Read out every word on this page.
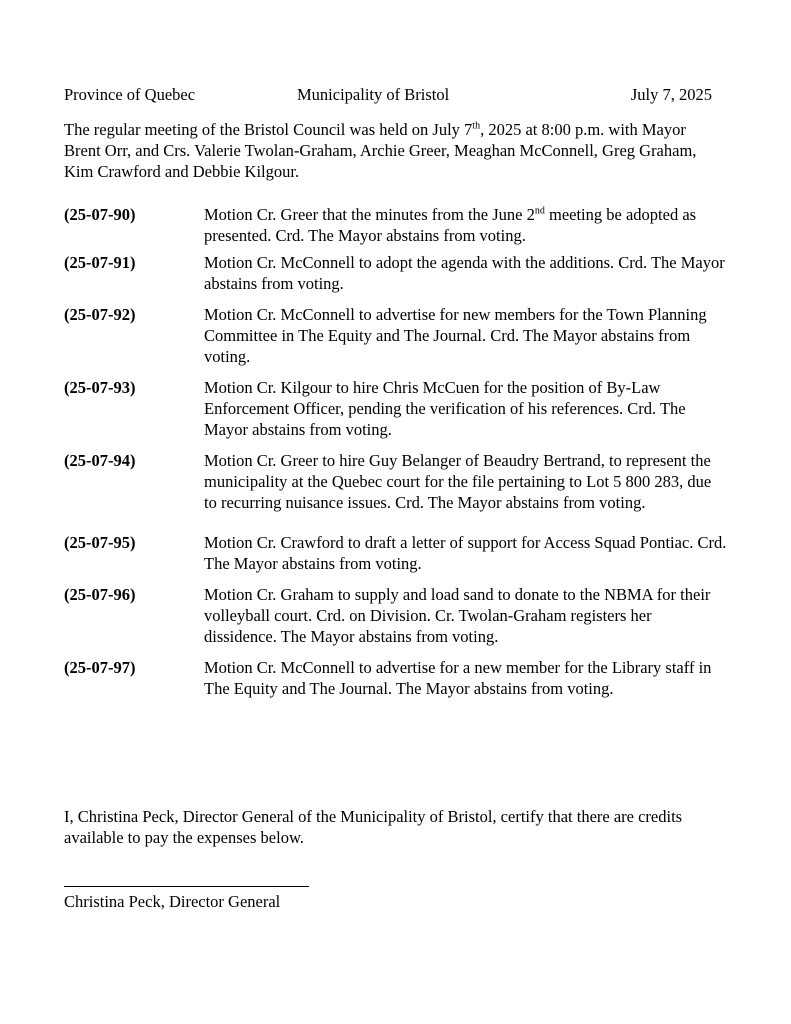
Province of Quebec	Municipality of Bristol	July 7, 2025

The regular meeting of the Bristol Council was held on July 7th, 2025 at 8:00 p.m. with Mayor Brent Orr, and Crs. Valerie Twolan-Graham, Archie Greer, Meaghan McConnell, Greg Graham, Kim Crawford and Debbie Kilgour.

(25-07-90)	Motion Cr. Greer that the minutes from the June 2nd meeting be adopted as presented. Crd. The Mayor abstains from voting.
(25-07-91)	Motion Cr. McConnell to adopt the agenda with the additions. Crd. The Mayor abstains from voting.
(25-07-92)	Motion Cr. McConnell to advertise for new members for the Town Planning Committee in The Equity and The Journal. Crd. The Mayor abstains from voting.
(25-07-93)	Motion Cr. Kilgour to hire Chris McCuen for the position of By-Law Enforcement Officer, pending the verification of his references. Crd. The Mayor abstains from voting.
(25-07-94)	Motion Cr. Greer to hire Guy Belanger of Beaudry Bertrand, to represent the municipality at the Quebec court for the file pertaining to Lot 5 800 283, due to recurring nuisance issues. Crd. The Mayor abstains from voting.
(25-07-95)	Motion Cr. Crawford to draft a letter of support for Access Squad Pontiac. Crd. The Mayor abstains from voting.
(25-07-96)	Motion Cr. Graham to supply and load sand to donate to the NBMA for their volleyball court. Crd. on Division. Cr. Twolan-Graham registers her dissidence. The Mayor abstains from voting.
(25-07-97)	Motion Cr. McConnell to advertise for a new member for the Library staff in The Equity and The Journal. The Mayor abstains from voting.

I, Christina Peck, Director General of the Municipality of Bristol, certify that there are credits available to pay the expenses below.

Christina Peck, Director General
